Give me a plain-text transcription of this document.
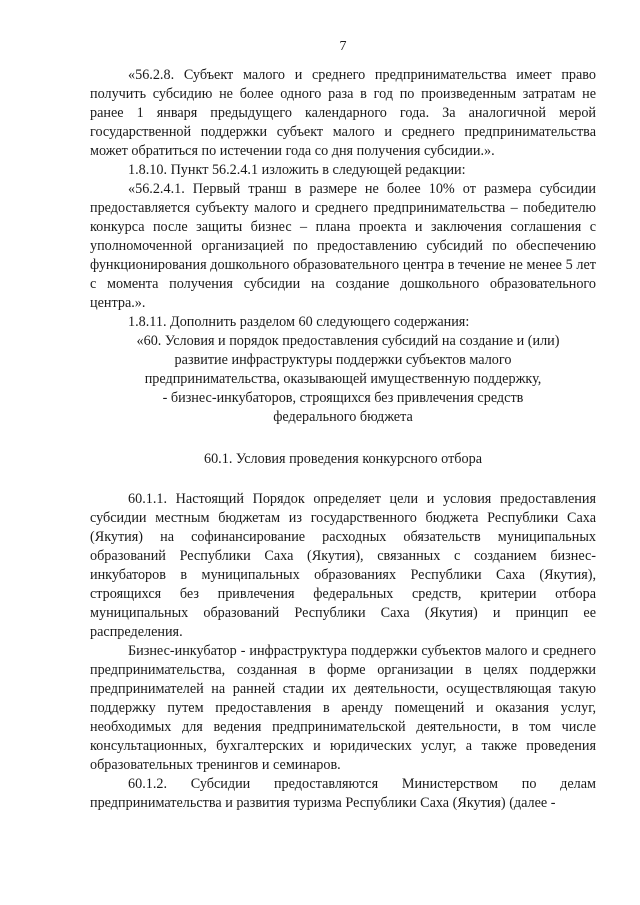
7

«56.2.8. Субъект малого и среднего предпринимательства имеет право получить субсидию не более одного раза в год по произведенным затратам не ранее 1 января предыдущего календарного года. За аналогичной мерой государственной поддержки субъект малого и среднего предпринимательства может обратиться по истечении года со дня получения субсидии.».

1.8.10. Пункт 56.2.4.1 изложить в следующей редакции:

«56.2.4.1. Первый транш в размере не более 10% от размера субсидии предоставляется субъекту малого и среднего предпринимательства – победителю конкурса после защиты бизнес – плана проекта и заключения соглашения с уполномоченной организацией по предоставлению субсидий по обеспечению функционирования дошкольного образовательного центра в течение не менее 5 лет с момента получения субсидии на создание дошкольного образовательного центра.».

1.8.11. Дополнить разделом 60 следующего содержания:

«60. Условия и порядок предоставления субсидий на создание и (или)
развитие инфраструктуры поддержки субъектов малого
предпринимательства, оказывающей имущественную поддержку,
- бизнес-инкубаторов, строящихся без привлечения средств
федерального бюджета
60.1. Условия проведения конкурсного отбора

60.1.1. Настоящий Порядок определяет цели и условия предоставления субсидии местным бюджетам из государственного бюджета Республики Саха (Якутия) на софинансирование расходных обязательств муниципальных образований Республики Саха (Якутия), связанных с созданием бизнес-инкубаторов в муниципальных образованиях Республики Саха (Якутия), строящихся без привлечения федеральных средств, критерии отбора муниципальных образований Республики Саха (Якутия) и принцип ее распределения.

Бизнес-инкубатор - инфраструктура поддержки субъектов малого и среднего предпринимательства, созданная в форме организации в целях поддержки предпринимателей на ранней стадии их деятельности, осуществляющая такую поддержку путем предоставления в аренду помещений и оказания услуг, необходимых для ведения предпринимательской деятельности, в том числе консультационных, бухгалтерских и юридических услуг, а также проведения образовательных тренингов и семинаров.

60.1.2. Субсидии предоставляются Министерством по делам предпринимательства и развития туризма Республики Саха (Якутия) (далее -
